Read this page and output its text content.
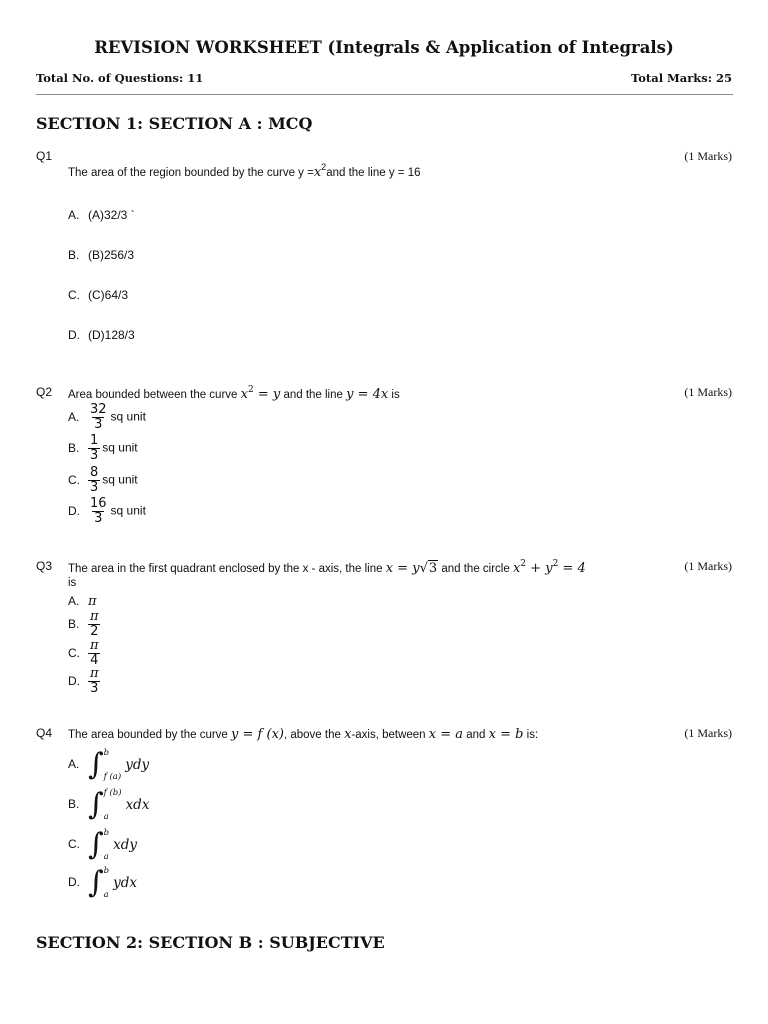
REVISION WORKSHEET (Integrals & Application of Integrals)
Total No. of Questions: 11	Total Marks: 25
SECTION 1: SECTION A : MCQ
Q1	(1 Marks)
The area of the region bounded by the curve $y =x^2and$ the line y = 16
A. (A)32/3 `
B. (B)256/3
C. (C)64/3
D. (D)128/3
Q2	(1 Marks)
Area bounded between the curve $x^2 = y$ and the line y = 4x is
A. $\frac{32}{3}$ sq unit
B. $\frac{1}{3}$ sq unit
C. $\frac{8}{3}$ sq unit
D. $\frac{16}{3}$ sq unit
Q3	(1 Marks)
The area in the first quadrant enclosed by the x - axis, the line x = y√3 and the circle $x^2 + y^2 = 4$
is
A. π
B. $\frac{\pi}{2}$
C. $\frac{\pi}{4}$
D. $\frac{\pi}{3}$
Q4	(1 Marks)
The area bounded by the curve y = f (x), above the x-axis, between x = a and x = b is:
A. ∫ b
f (a)
ydy
B. ∫ f (b)
a
xdx
C. ∫ b
a
xdy
D. ∫ b
a
ydx
SECTION 2: SECTION B : SUBJECTIVE
